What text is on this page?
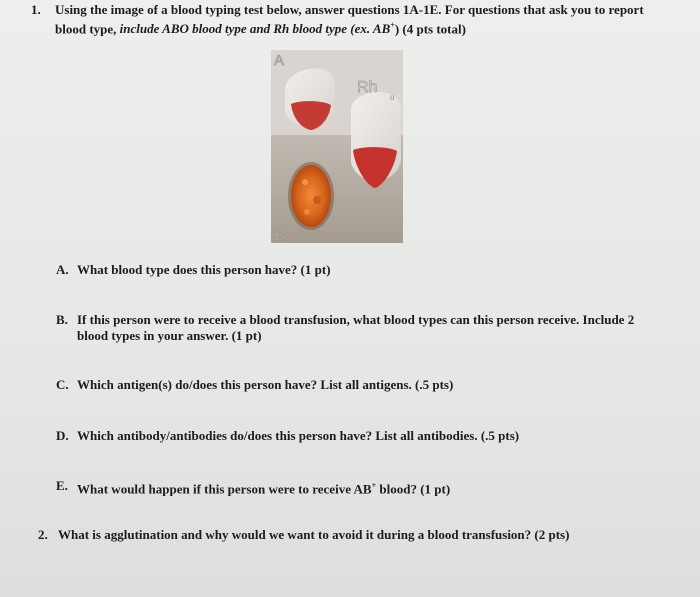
1. Using the image of a blood typing test below, answer questions 1A-1E. For questions that ask you to report
blood type, include ABO blood type and Rh blood type (ex. AB+) (4 pts total)
A
Rh
o
B
A. What blood type does this person have? (1 pt)
B. If this person were to receive a blood transfusion, what blood types can this person receive. Include 2
blood types in your answer. (1 pt)
C. Which antigen(s) do/does this person have? List all antigens. (.5 pts)
D. Which antibody/antibodies do/does this person have? List all antibodies. (.5 pts)
E. What would happen if this person were to receive AB+ blood? (1 pt)
2. What is agglutination and why would we want to avoid it during a blood transfusion? (2 pts)
